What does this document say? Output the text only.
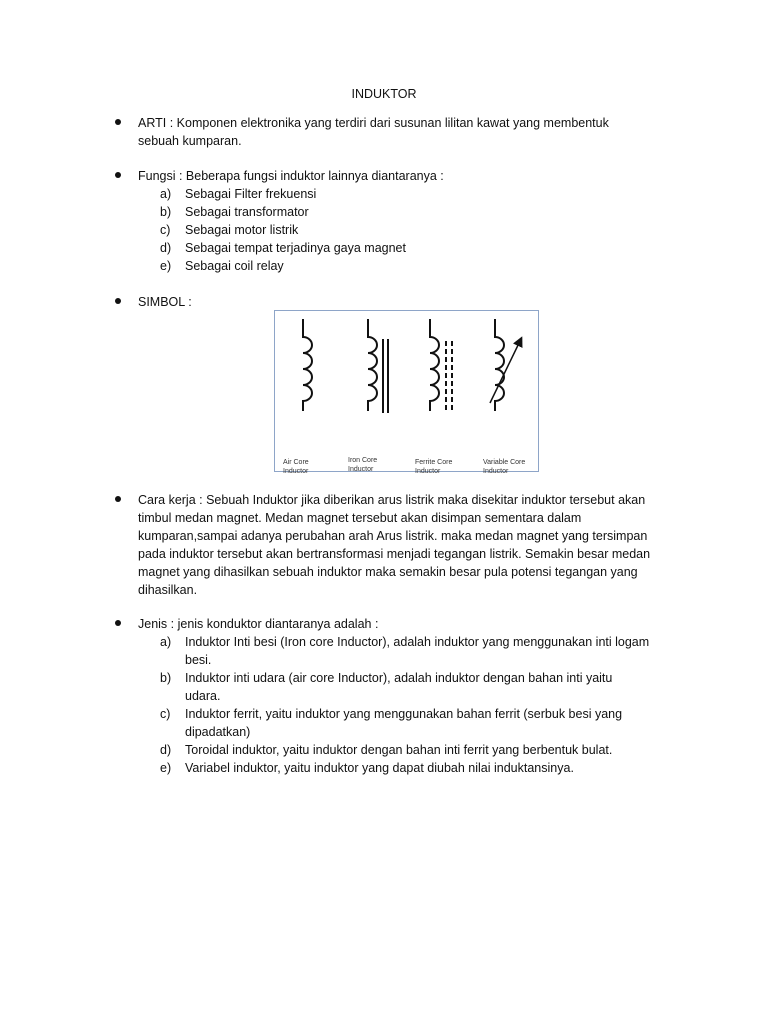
INDUKTOR
ARTI : Komponen elektronika yang terdiri dari susunan lilitan kawat yang membentuk
sebuah kumparan.
Fungsi : Beberapa fungsi induktor lainnya diantaranya :
a) Sebagai Filter frekuensi
b) Sebagai transformator
c) Sebagai motor listrik
d) Sebagai tempat terjadinya gaya magnet
e) Sebagai coil relay
SIMBOL :

Air Core
Inductor

Iron Core
Inductor

Ferrite Core
Inductor

Variable Core
Inductor

Cara kerja : Sebuah Induktor jika diberikan arus listrik maka disekitar induktor tersebut akan
timbul medan magnet. Medan magnet tersebut akan disimpan sementara dalam
kumparan,sampai adanya perubahan arah Arus listrik. maka medan magnet yang tersimpan
pada induktor tersebut akan bertransformasi menjadi tegangan listrik. Semakin besar medan
magnet yang dihasilkan sebuah induktor maka semakin besar pula potensi tegangan yang
dihasilkan.
Jenis : jenis konduktor diantaranya adalah :
a) Induktor Inti besi (Iron core Inductor), adalah induktor yang menggunakan inti logam
besi.
b) Induktor inti udara (air core Inductor), adalah induktor dengan bahan inti yaitu
udara.
c) Induktor ferrit, yaitu induktor yang menggunakan bahan ferrit (serbuk besi yang
dipadatkan)
d) Toroidal induktor, yaitu induktor dengan bahan inti ferrit yang berbentuk bulat.
e) Variabel induktor, yaitu induktor yang dapat diubah nilai induktansinya.
